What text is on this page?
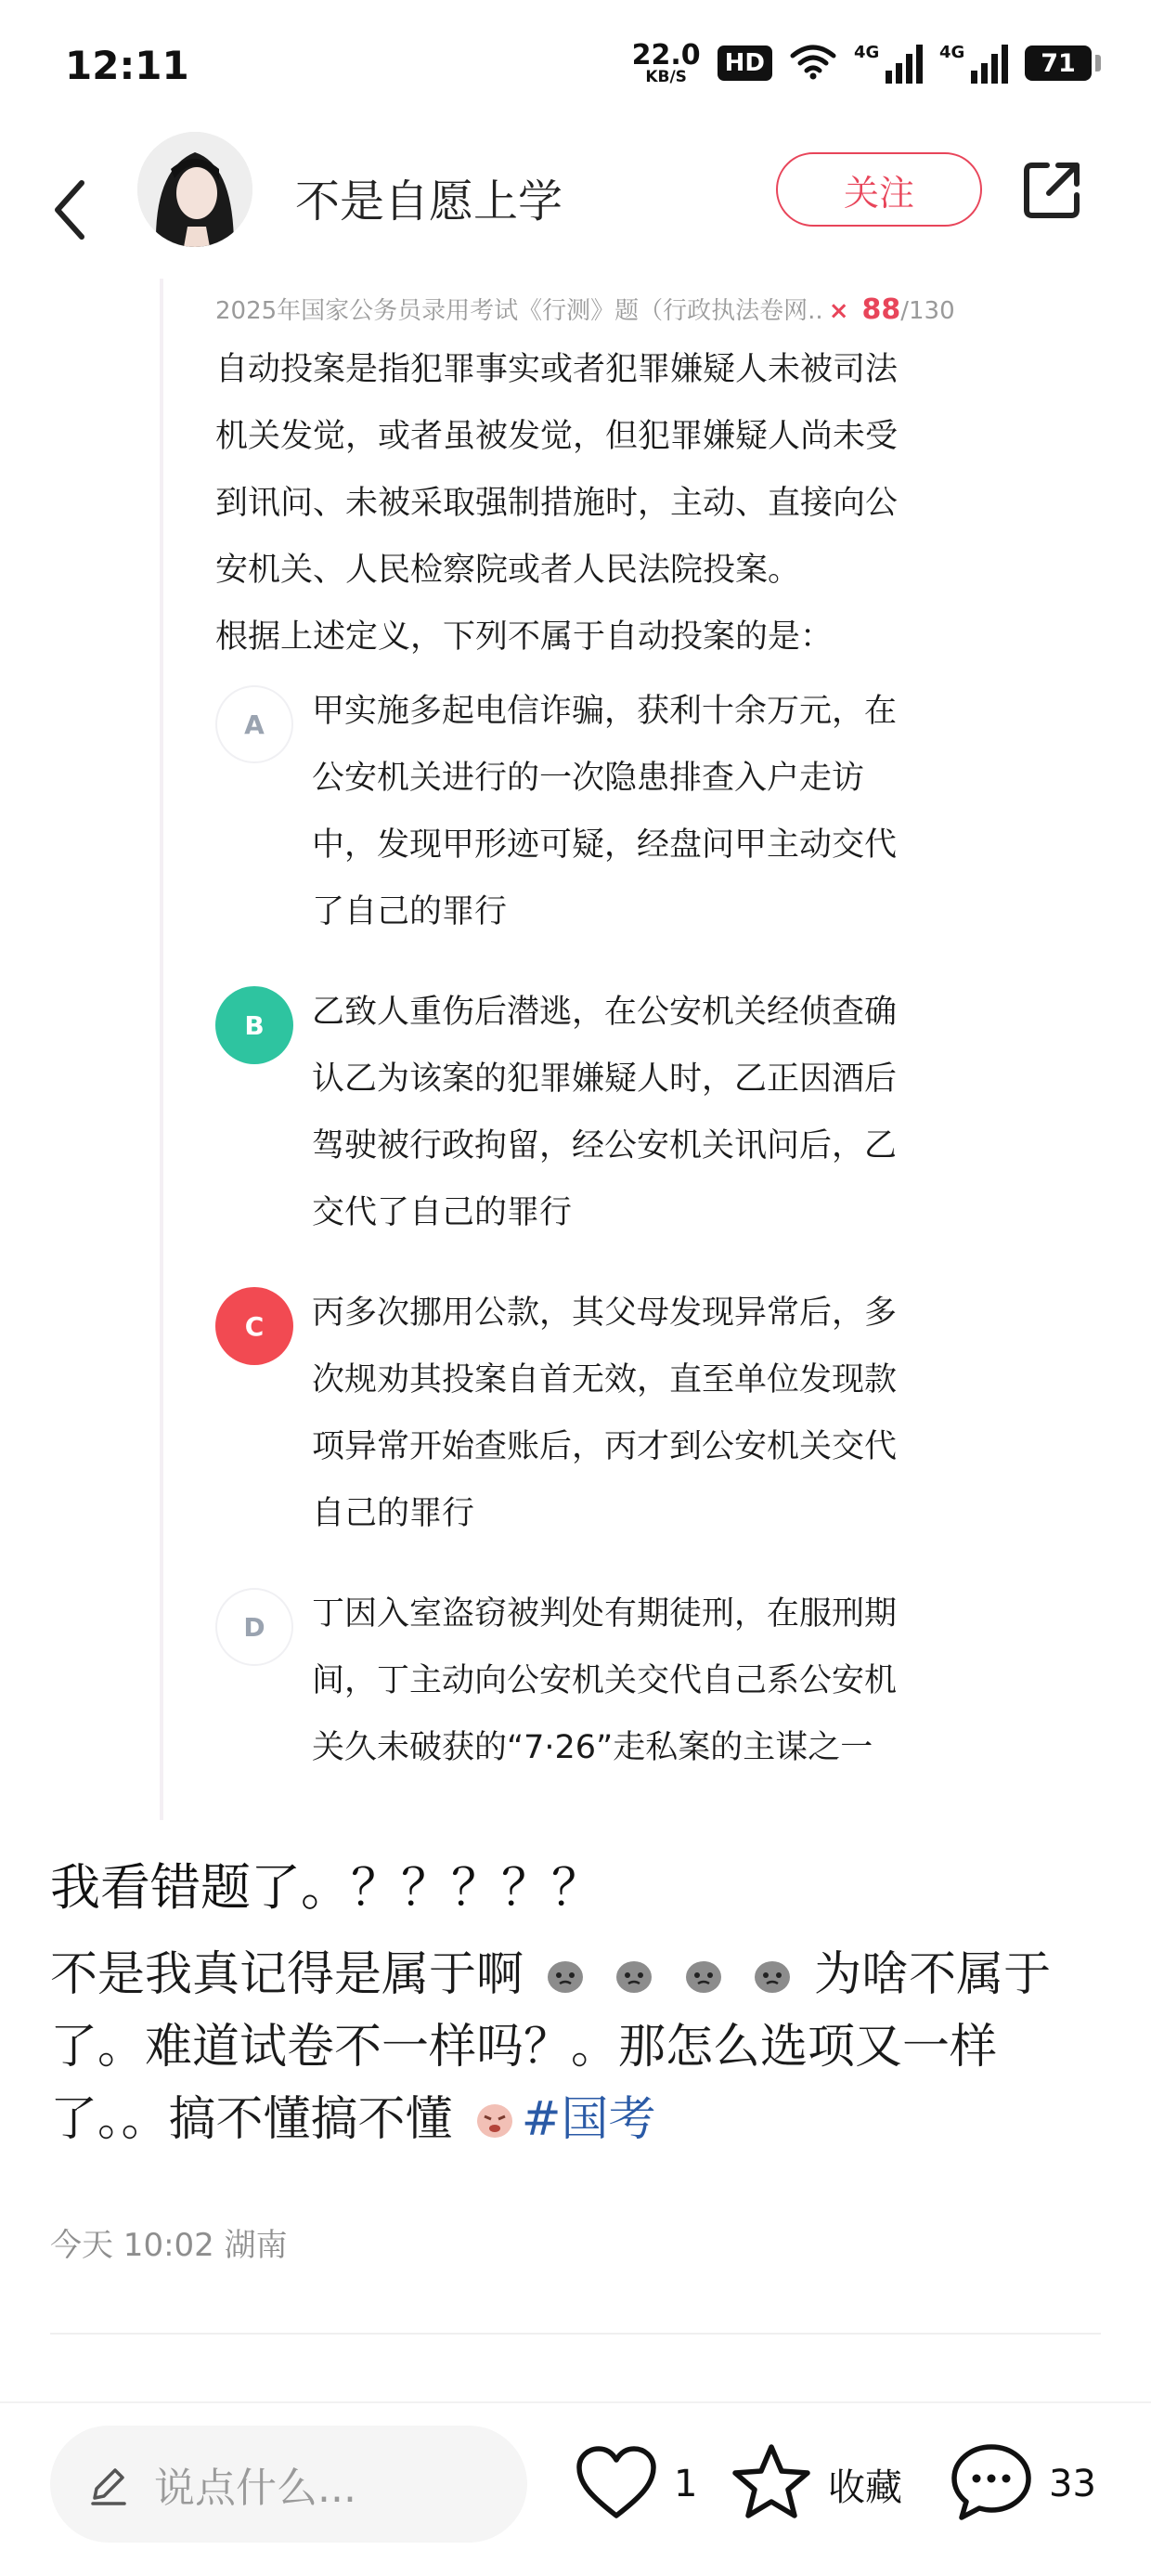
12:11	22.0
KB/S	HD	4G	4G	71
不是自愿上学	关注
2025年国家公务员录用考试《行测》题（行政执法卷网.. × 88/130

自动投案是指犯罪事实或者犯罪嫌疑人未被司法

机关发觉，或者虽被发觉，但犯罪嫌疑人尚未受

到讯问、未被采取强制措施时，主动、直接向公

安机关、人民检察院或者人民法院投案。

根据上述定义，下列不属于自动投案的是：

A	甲实施多起电信诈骗，获利十余万元，在
公安机关进行的一次隐患排查入户走访
中，发现甲形迹可疑，经盘问甲主动交代
了自己的罪行
B	乙致人重伤后潜逃，在公安机关经侦查确
认乙为该案的犯罪嫌疑人时，乙正因酒后
驾驶被行政拘留，经公安机关讯问后，乙
交代了自己的罪行
C	丙多次挪用公款，其父母发现异常后，多
次规劝其投案自首无效，直至单位发现款
项异常开始查账后，丙才到公安机关交代
自己的罪行
D	丁因入室盗窃被判处有期徒刑，在服刑期
间，丁主动向公安机关交代自己系公安机
关久未破获的“7·26”走私案的主谋之一
我看错题了。？？？？？
不是我真记得是属于啊	为啥不属于了。难道试卷不一样吗？。那怎么选项又一样了。。搞不懂搞不懂 #国考
今天 10:02 湖南
说点什么...	1	收藏	33
